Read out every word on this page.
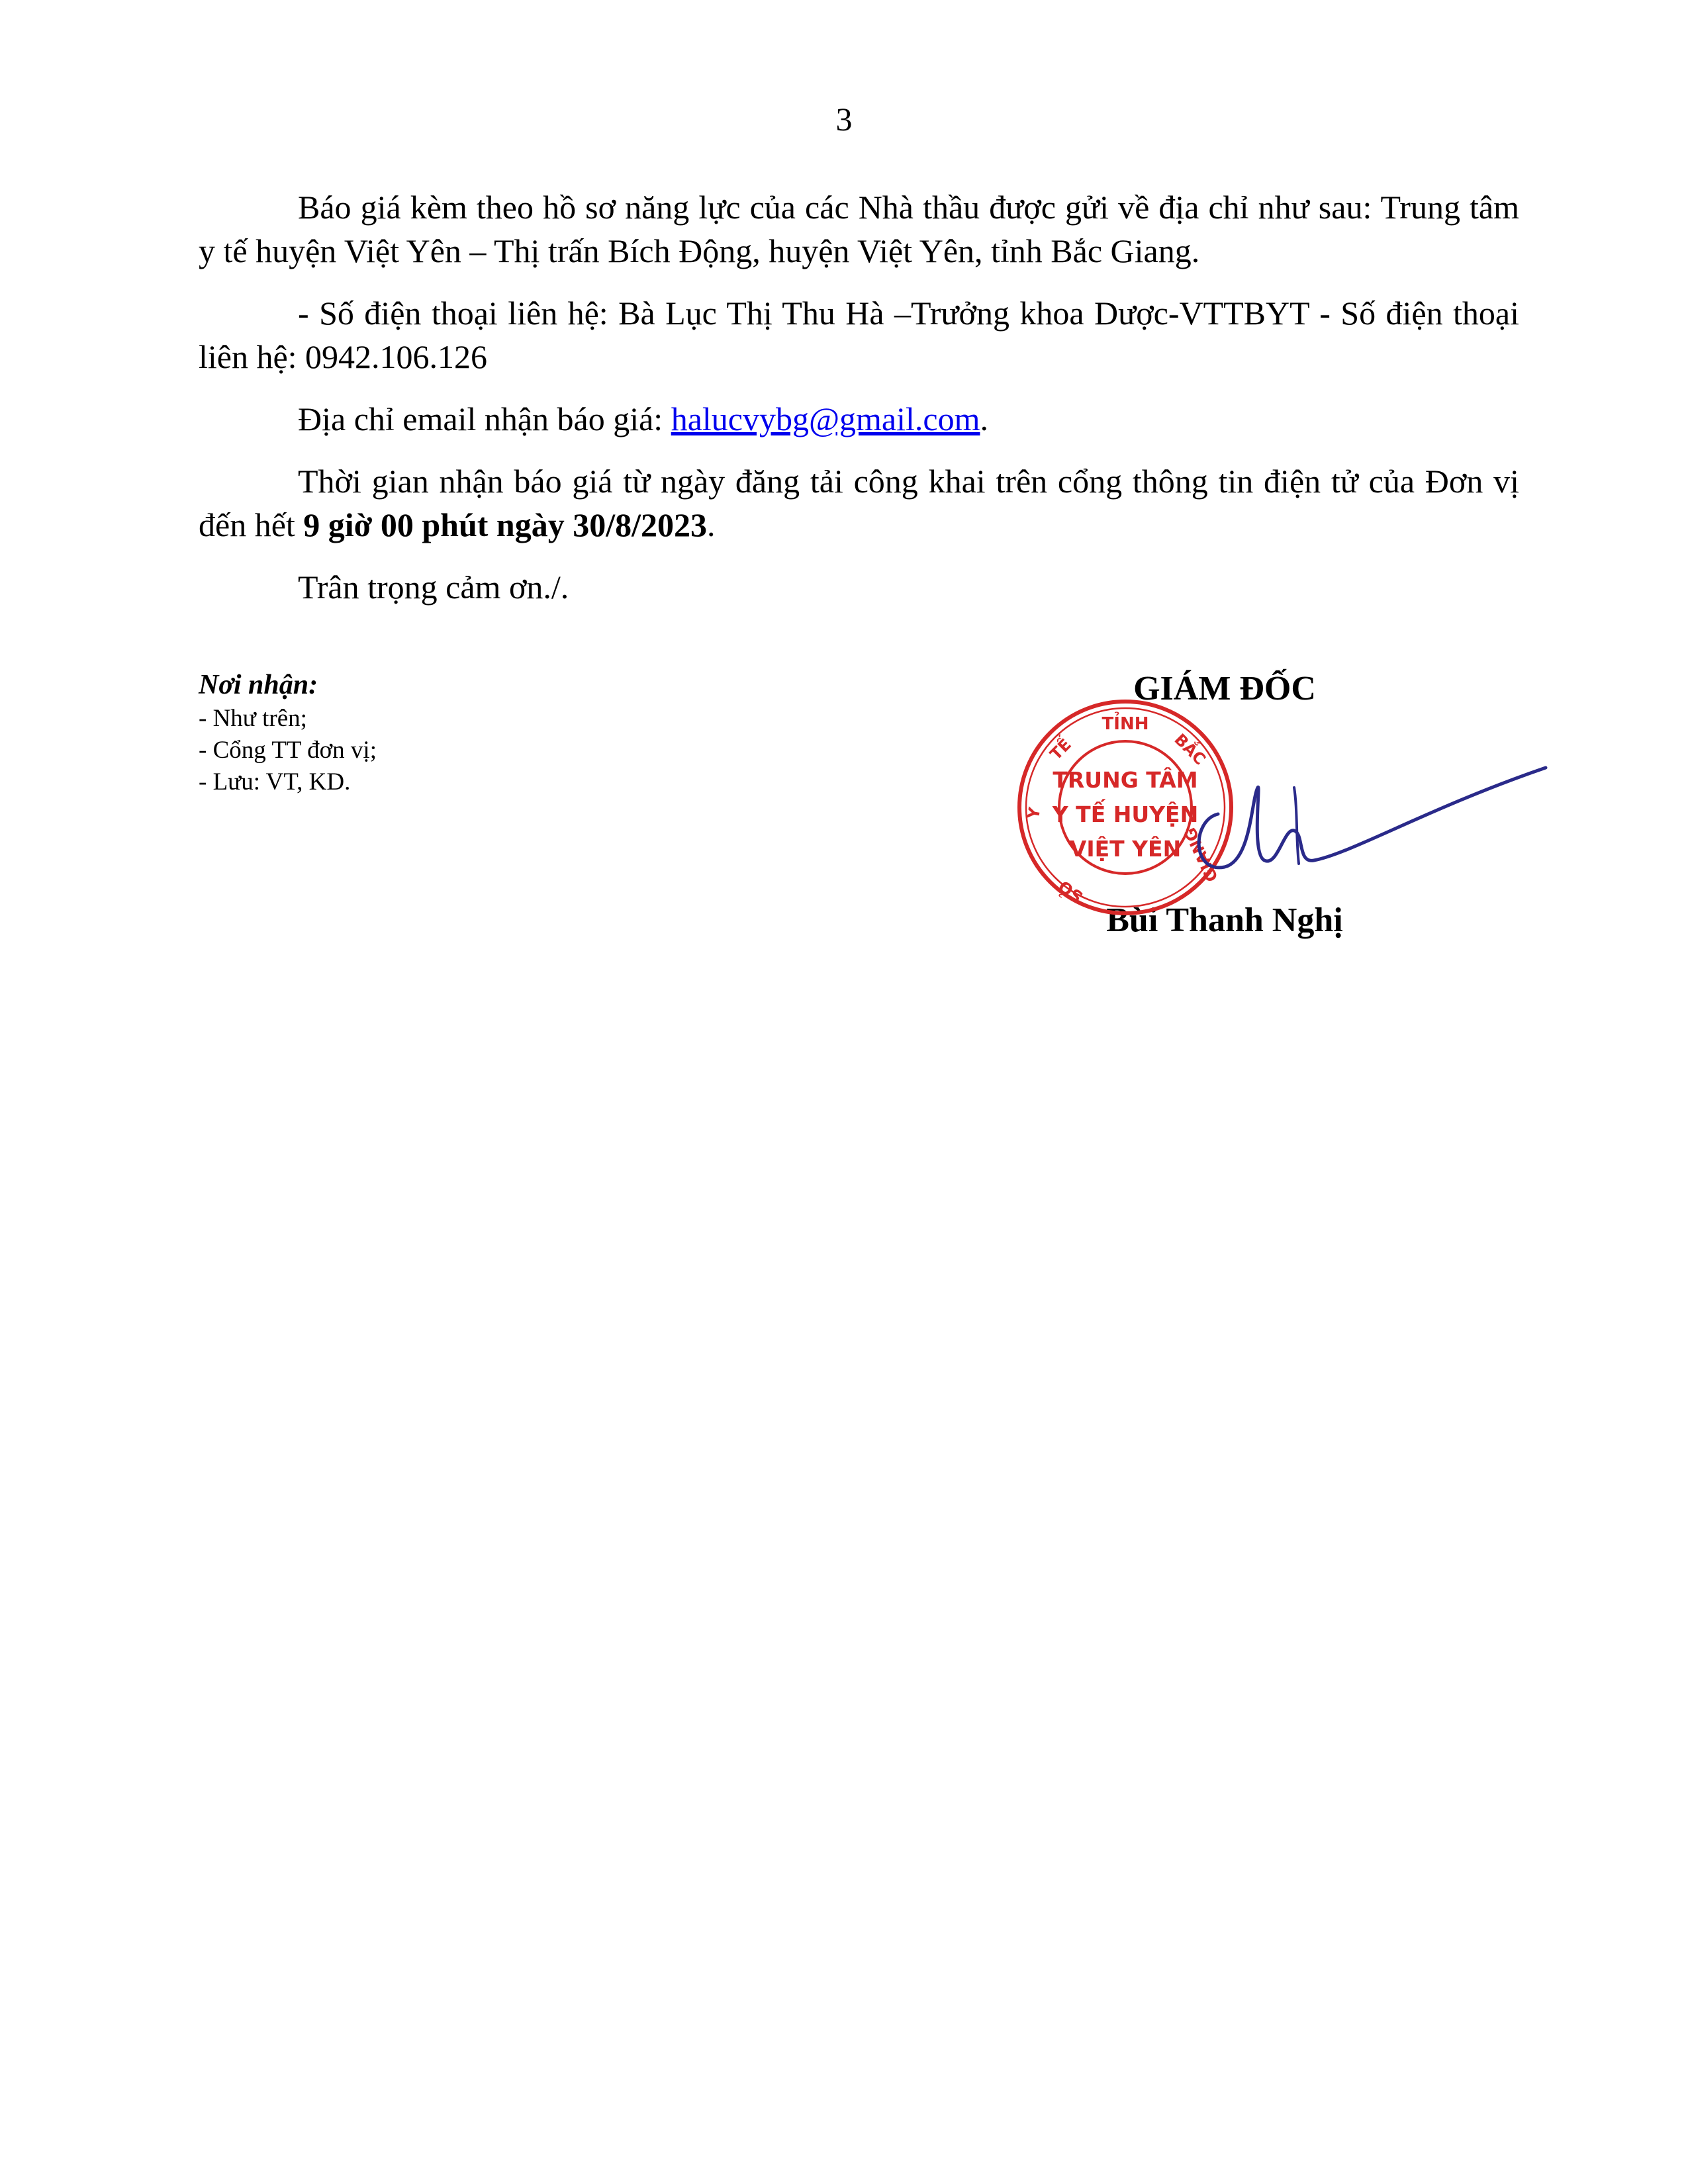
3

Báo giá kèm theo hồ sơ năng lực của các Nhà thầu được gửi về địa chỉ như sau: Trung tâm y tế huyện Việt Yên – Thị trấn Bích Động, huyện Việt Yên, tỉnh Bắc Giang.

- Số điện thoại liên hệ: Bà Lục Thị Thu Hà –Trưởng khoa Dược-VTTBYT - Số điện thoại liên hệ: 0942.106.126

Địa chỉ email nhận báo giá: halucvybg@gmail.com.

Thời gian nhận báo giá từ ngày đăng tải công khai trên cổng thông tin điện tử của Đơn vị đến hết 9 giờ 00 phút ngày 30/8/2023.

Trân trọng cảm ơn./.

Nơi nhận:

- Như trên;

- Cổng TT đơn vị;

- Lưu: VT, KD.

GIÁM ĐỐC
TỈNH
TẾ
Y
BẮC
GIANG
SỞ
TRUNG TÂM
Y TẾ HUYỆN
VIỆT YÊN
Bùi Thanh Nghị
